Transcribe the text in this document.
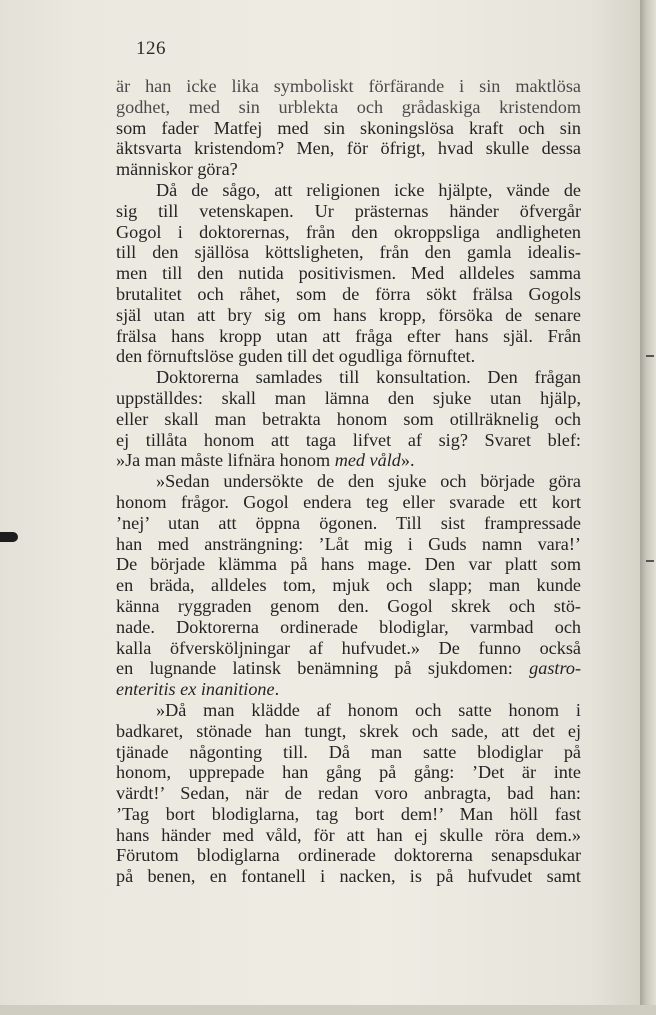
126
är han icke lika symboliskt förfärande i sin maktlösa
godhet, med sin urblekta och grådaskiga kristendom
som fader Matfej med sin skoningslösa kraft och sin
äktsvarta kristendom? Men, för öfrigt, hvad skulle dessa
människor göra?
Då de sågo, att religionen icke hjälpte, vände de
sig till vetenskapen. Ur prästernas händer öfvergår
Gogol i doktorernas, från den okroppsliga andligheten
till den själlösa köttsligheten, från den gamla idealis-
men till den nutida positivismen. Med alldeles samma
brutalitet och råhet, som de förra sökt frälsa Gogols
själ utan att bry sig om hans kropp, försöka de senare
frälsa hans kropp utan att fråga efter hans själ. Från
den förnuftslöse guden till det ogudliga förnuftet.
Doktorerna samlades till konsultation. Den frågan
uppställdes: skall man lämna den sjuke utan hjälp,
eller skall man betrakta honom som otillräknelig och
ej tillåta honom att taga lifvet af sig? Svaret blef:
»Ja man måste lifnära honom med våld».
»Sedan undersökte de den sjuke och började göra
honom frågor. Gogol endera teg eller svarade ett kort
’nej’ utan att öppna ögonen. Till sist frampressade
han med ansträngning: ’Låt mig i Guds namn vara!’
De började klämma på hans mage. Den var platt som
en bräda, alldeles tom, mjuk och slapp; man kunde
känna ryggraden genom den. Gogol skrek och stö-
nade. Doktorerna ordinerade blodiglar, varmbad och
kalla öfversköljningar af hufvudet.» De funno också
en lugnande latinsk benämning på sjukdomen: gastro-
enteritis ex inanitione.
»Då man klädde af honom och satte honom i
badkaret, stönade han tungt, skrek och sade, att det ej
tjänade någonting till. Då man satte blodiglar på
honom, upprepade han gång på gång: ’Det är inte
värdt!’ Sedan, när de redan voro anbragta, bad han:
’Tag bort blodiglarna, tag bort dem!’ Man höll fast
hans händer med våld, för att han ej skulle röra dem.»
Förutom blodiglarna ordinerade doktorerna senapsdukar
på benen, en fontanell i nacken, is på hufvudet samt
